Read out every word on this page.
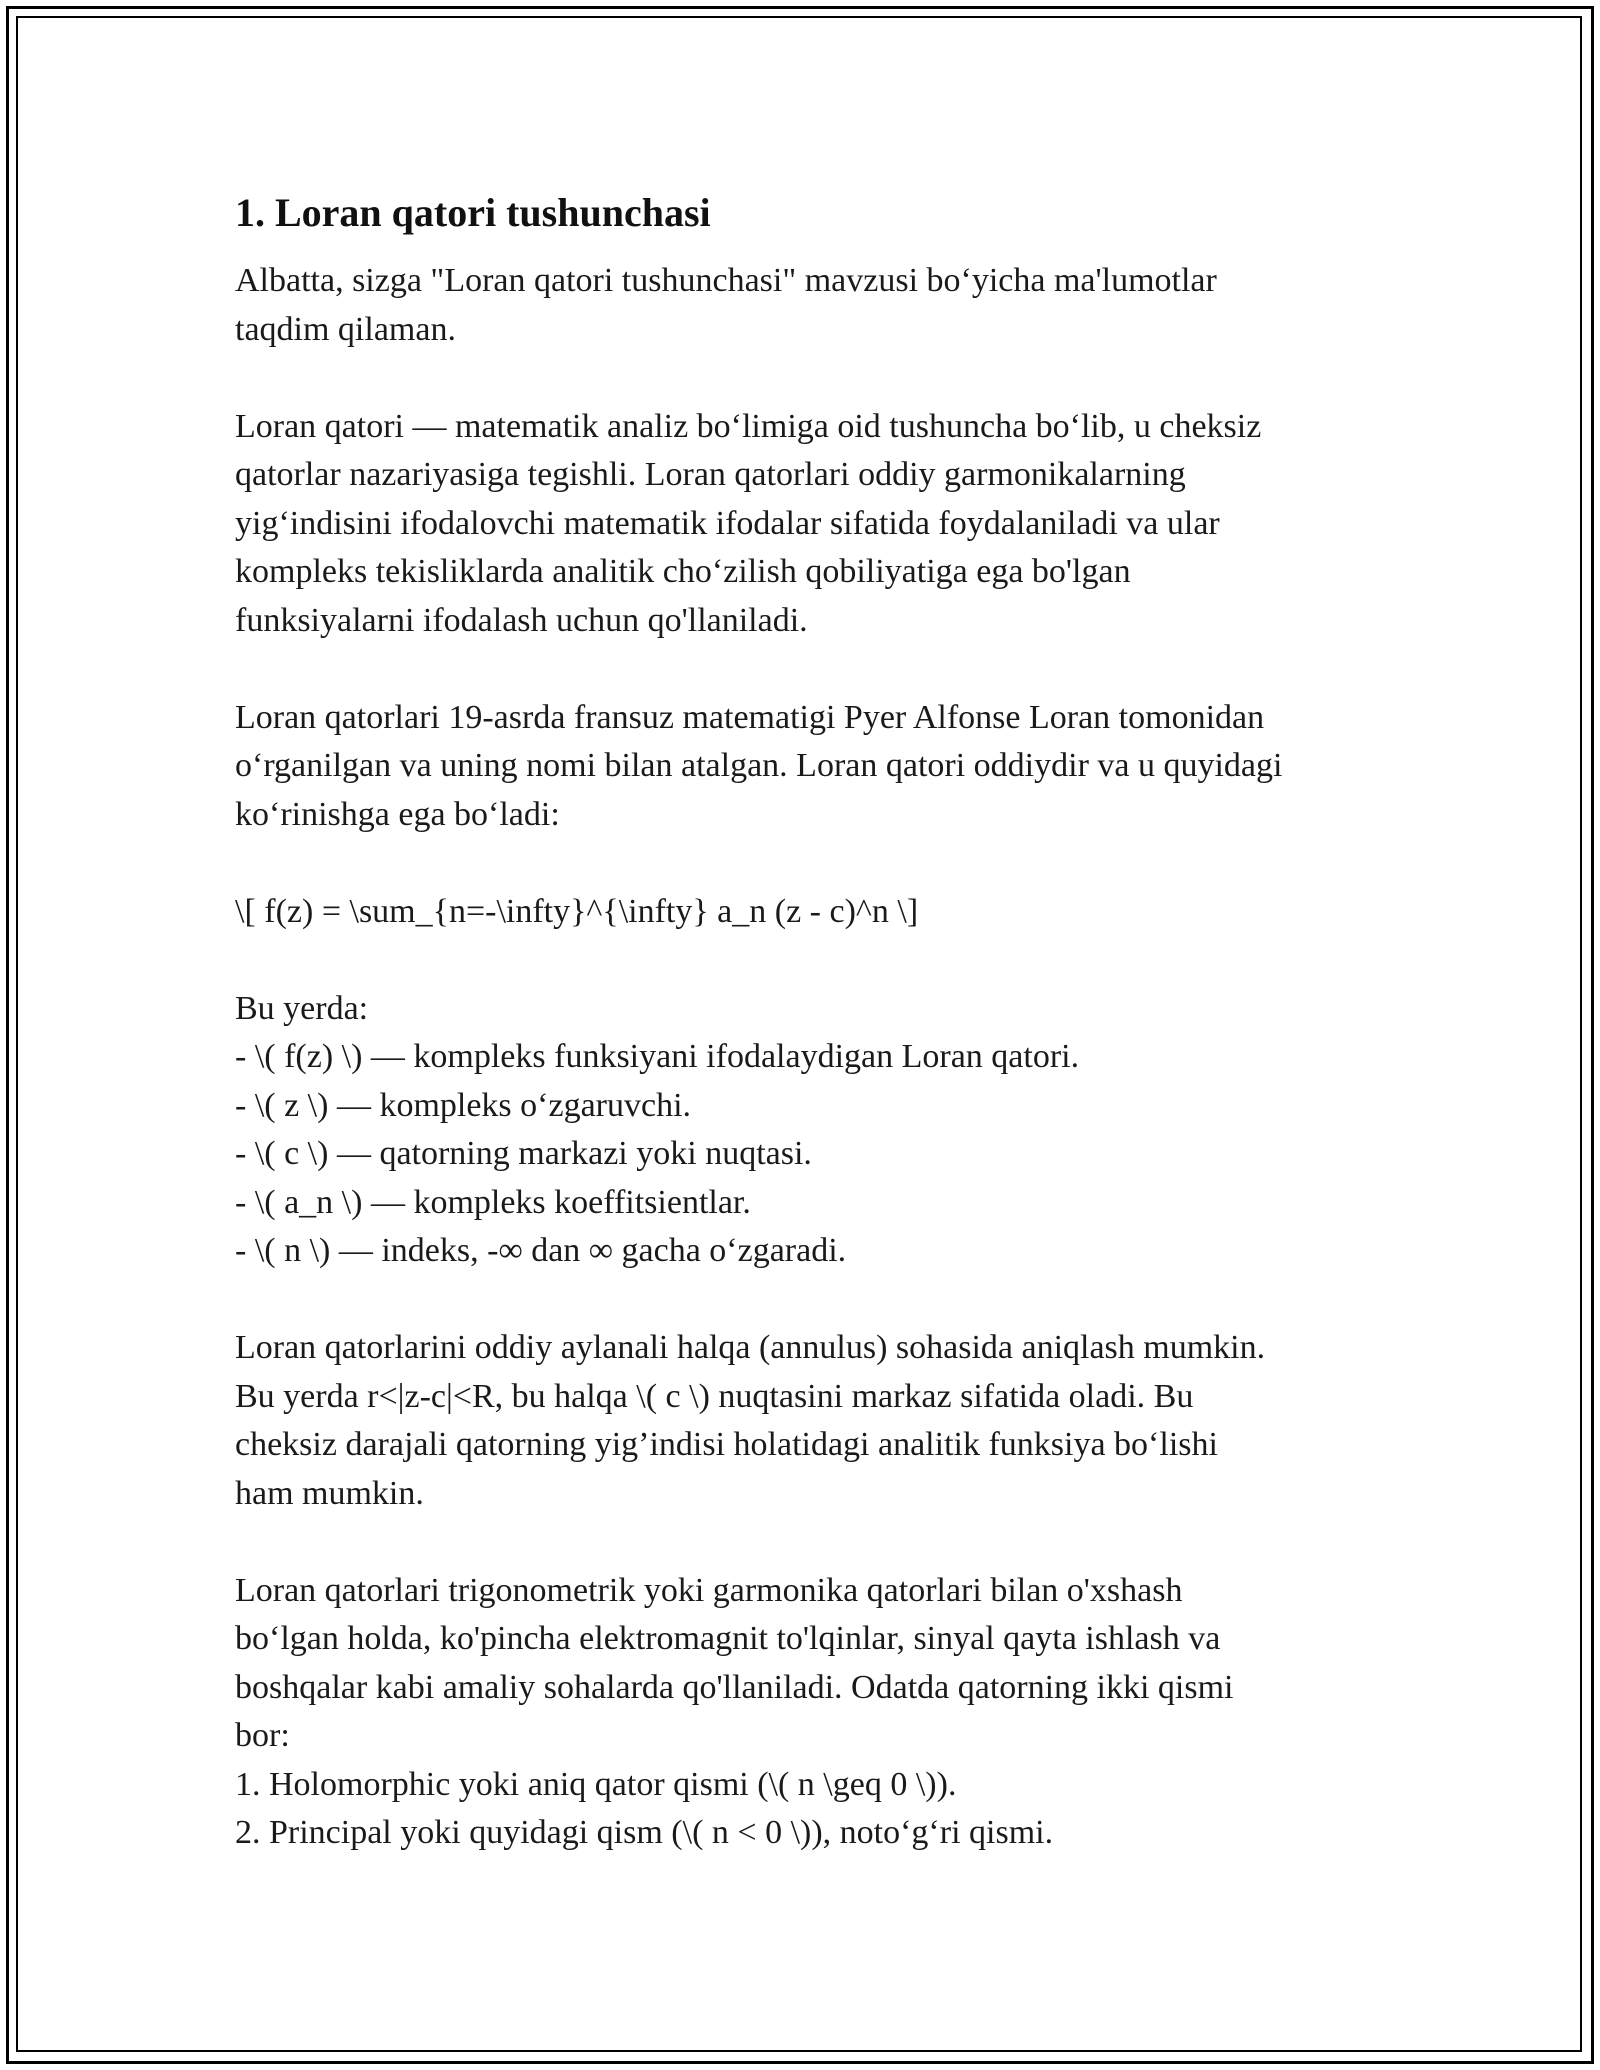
1. Loran qatori tushunchasi
Albatta, sizga "Loran qatori tushunchasi" mavzusi bo‘yicha ma'lumotlar
taqdim qilaman.
Loran qatori — matematik analiz bo‘limiga oid tushuncha bo‘lib, u cheksiz
qatorlar nazariyasiga tegishli. Loran qatorlari oddiy garmonikalarning
yig‘indisini ifodalovchi matematik ifodalar sifatida foydalaniladi va ular
kompleks tekisliklarda analitik cho‘zilish qobiliyatiga ega bo'lgan
funksiyalarni ifodalash uchun qo'llaniladi.
Loran qatorlari 19-asrda fransuz matematigi Pyer Alfonse Loran tomonidan
o‘rganilgan va uning nomi bilan atalgan. Loran qatori oddiydir va u quyidagi
ko‘rinishga ega bo‘ladi:
\[ f(z) = \sum_{n=-\infty}^{\infty} a_n (z - c)^n \]
Bu yerda:
- \( f(z) \) — kompleks funksiyani ifodalaydigan Loran qatori.
- \( z \) — kompleks o‘zgaruvchi.
- \( c \) — qatorning markazi yoki nuqtasi.
- \( a_n \) — kompleks koeffitsientlar.
- \( n \) — indeks, -∞ dan ∞ gacha o‘zgaradi.
Loran qatorlarini oddiy aylanali halqa (annulus) sohasida aniqlash mumkin.
Bu yerda r<|z-c|<R, bu halqa \( c \) nuqtasini markaz sifatida oladi. Bu
cheksiz darajali qatorning yig’indisi holatidagi analitik funksiya bo‘lishi
ham mumkin.
Loran qatorlari trigonometrik yoki garmonika qatorlari bilan o'xshash
bo‘lgan holda, ko'pincha elektromagnit to'lqinlar, sinyal qayta ishlash va
boshqalar kabi amaliy sohalarda qo'llaniladi. Odatda qatorning ikki qismi
bor:
1. Holomorphic yoki aniq qator qismi (\( n \geq 0 \)).
2. Principal yoki quyidagi qism (\( n < 0 \)), noto‘g‘ri qismi.
